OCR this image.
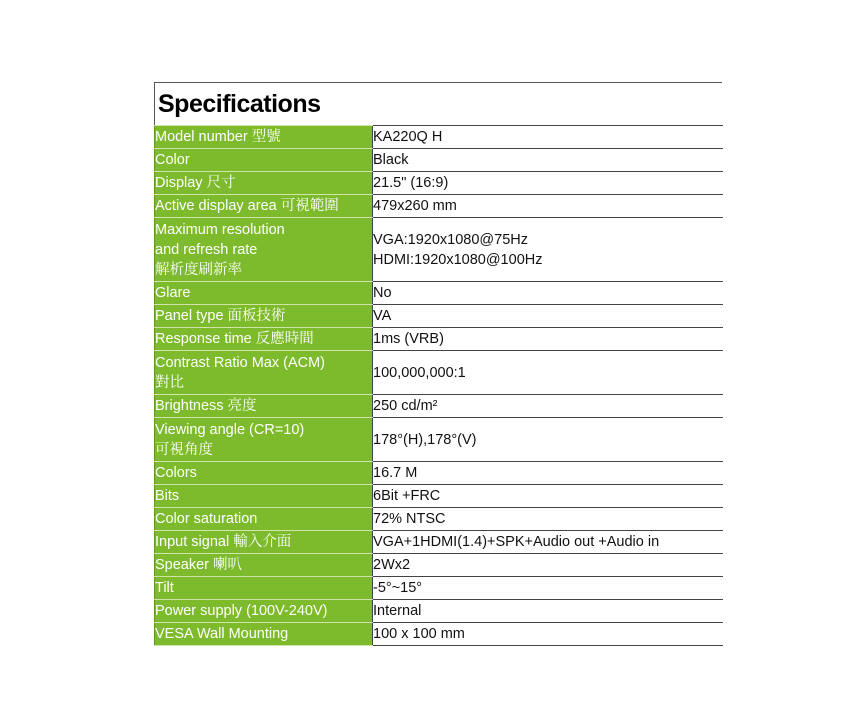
Specifications
Model number 型號	KA220Q H

Color	Black

Display 尺寸	21.5" (16:9)

Active display area 可視範圍	479x260 mm

Maximum resolution
and refresh rate
解析度刷新率	VGA:1920x1080@75Hz
HDMI:1920x1080@100Hz

Glare	No

Panel type 面板技術	VA

Response time 反應時間	1ms (VRB)

Contrast Ratio Max (ACM)
對比	100,000,000:1

Brightness 亮度	250 cd/m²

Viewing angle (CR=10)
可視角度	178°(H),178°(V)

Colors	16.7 M

Bits	6Bit +FRC

Color saturation	72% NTSC

Input signal 輸入介面	VGA+1HDMI(1.4)+SPK+Audio out +Audio in

Speaker 喇叭	2Wx2

Tilt	-5°~15°

Power supply (100V-240V)	Internal

VESA Wall Mounting	100 x 100 mm
